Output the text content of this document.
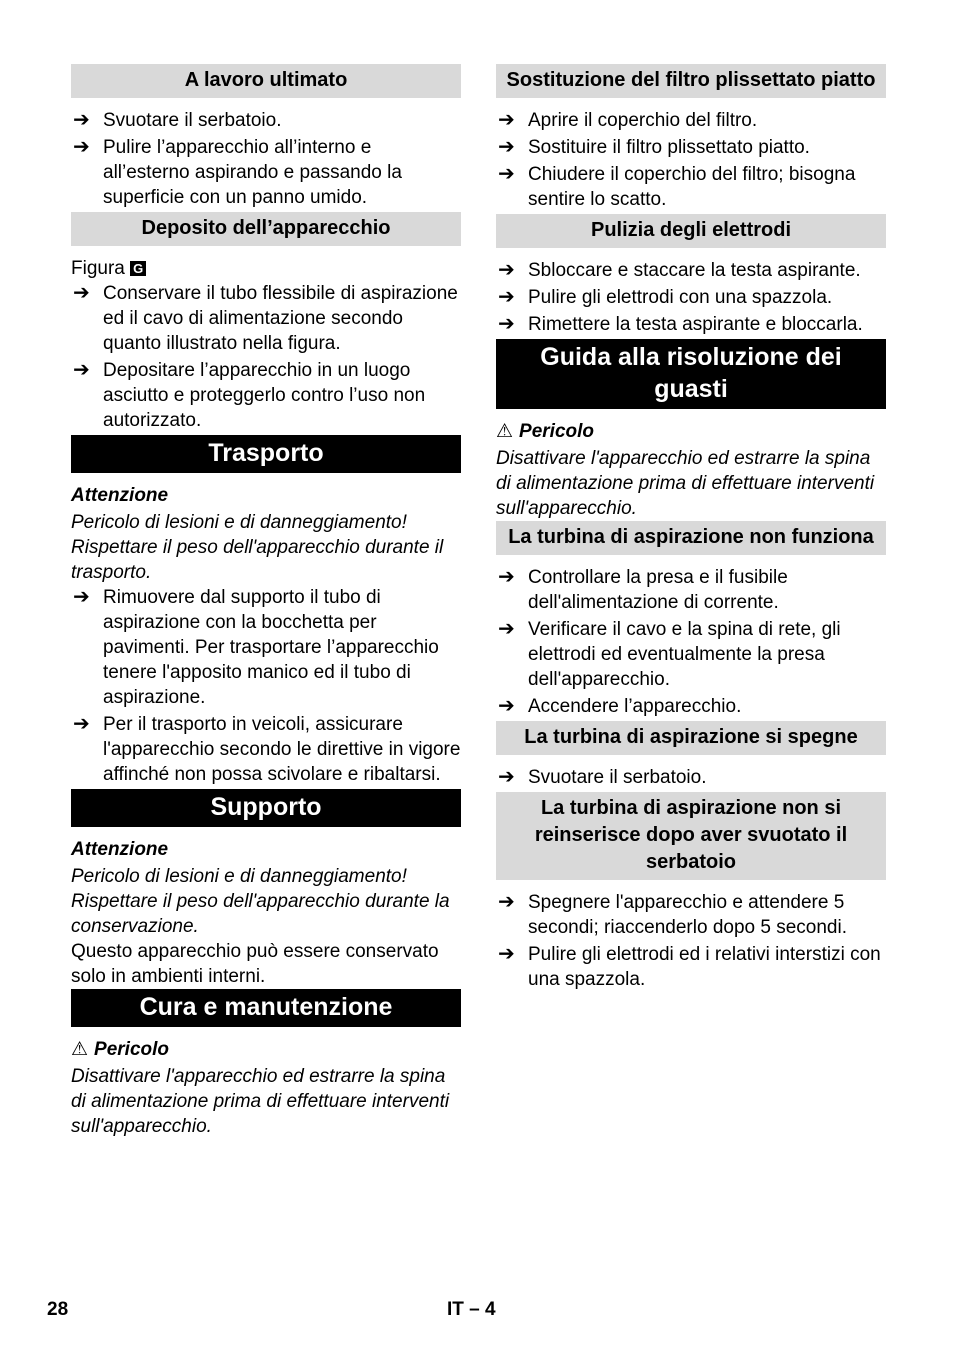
A lavoro ultimato
➔ Svuotare il serbatoio.
➔ Pulire l’apparecchio all’interno e all’esterno aspirando e passando la superficie con un panno umido.
Deposito dell’apparecchio

Figura G

➔ Conservare il tubo flessibile di aspirazione ed il cavo di alimentazione secondo quanto illustrato nella figura.
➔ Depositare l’apparecchio in un luogo asciutto e proteggerlo contro l’uso non autorizzato.
Trasporto

Attenzione

Pericolo di lesioni e di danneggiamento! Rispettare il peso dell'apparecchio durante il trasporto.

➔ Rimuovere dal supporto il tubo di aspirazione con la bocchetta per pavimenti. Per trasportare l’apparecchio tenere l'apposito manico ed il tubo di aspirazione.
➔ Per il trasporto in veicoli, assicurare l'apparecchio secondo le direttive in vigore affinché non possa scivolare e ribaltarsi.
Supporto

Attenzione

Pericolo di lesioni e di danneggiamento! Rispettare il peso dell'apparecchio durante la conservazione.

Questo apparecchio può essere conservato solo in ambienti interni.

Cura e manutenzione

⚠ Pericolo

Disattivare l'apparecchio ed estrarre la spina di alimentazione prima di effettuare interventi sull'apparecchio.

Sostituzione del filtro plissettato piatto
➔ Aprire il coperchio del filtro.
➔ Sostituire il filtro plissettato piatto.
➔ Chiudere il coperchio del filtro; bisogna sentire lo scatto.
Pulizia degli elettrodi
➔ Sbloccare e staccare la testa aspirante.
➔ Pulire gli elettrodi con una spazzola.
➔ Rimettere la testa aspirante e bloccarla.
Guida alla risoluzione dei guasti

⚠ Pericolo

Disattivare l'apparecchio ed estrarre la spina di alimentazione prima di effettuare interventi sull'apparecchio.

La turbina di aspirazione non funziona
➔ Controllare la presa e il fusibile dell'alimentazione di corrente.
➔ Verificare il cavo e la spina di rete, gli elettrodi ed eventualmente la presa dell'apparecchio.
➔ Accendere l’apparecchio.
La turbina di aspirazione si spegne
➔ Svuotare il serbatoio.
La turbina di aspirazione non si reinserisce dopo aver svuotato il serbatoio
➔ Spegnere l'apparecchio e attendere 5 secondi; riaccenderlo dopo 5 secondi.
➔ Pulire gli elettrodi ed i relativi interstizi con una spazzola.
28	IT – 4
